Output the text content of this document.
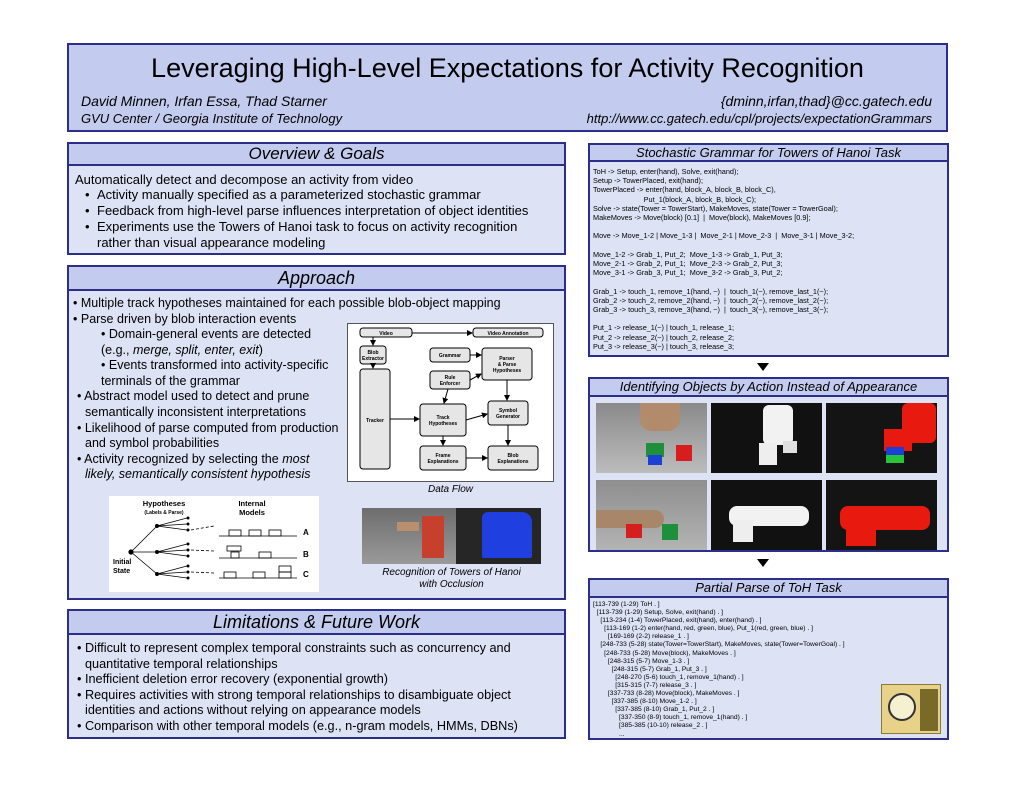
Leveraging High-Level Expectations for Activity Recognition
David Minnen, Irfan Essa, Thad Starner
GVU Center / Georgia Institute of Technology
{dminn,irfan,thad}@cc.gatech.edu
http://www.cc.gatech.edu/cpl/projects/expectationGrammars
Overview & Goals
Automatically detect and decompose an activity from video
• Activity manually specified as a parameterized stochastic grammar
• Feedback from high-level parse influences interpretation of object identities
• Experiments use the Towers of Hanoi task to focus on activity recognition rather than visual appearance modeling
Approach
• Multiple track hypotheses maintained for each possible blob-object mapping
• Parse driven by blob interaction events
• Domain-general events are detected (e.g., merge, split, enter, exit)
• Events transformed into activity-specific terminals of the grammar
• Abstract model used to detect and prune semantically inconsistent interpretations
• Likelihood of parse computed from production and symbol probabilities
• Activity recognized by selecting the most likely, semantically consistent hypothesis
Video	Video Annotation
Blob
Extractor	Grammar	Parser
& Parse
Hypotheses
Rule
Enforcer
Tracker	Track
Hypotheses
Symbol
Generator
Frame
Explanations
Blob
Explanations
Data Flow
Hypotheses
(Labels & Parse)
Internal
Models
Initial
State
A
B
C	Recognition of Towers of Hanoi
with Occlusion
Limitations & Future Work
• Difficult to represent complex temporal constraints such as concurrency and quantitative temporal relationships
• Inefficient deletion error recovery (exponential growth)
• Requires activities with strong temporal relationships to disambiguate object identities and actions without relying on appearance models
• Comparison with other temporal models (e.g., n-gram models, HMMs, DBNs)
Stochastic Grammar for Towers of Hanoi Task
ToH -> Setup, enter(hand), Solve, exit(hand);
Setup -> TowerPlaced, exit(hand);
TowerPlaced -> enter(hand, block_A, block_B, block_C),
Put_1(block_A, block_B, block_C);
Solve -> state(Tower = TowerStart), MakeMoves, state(Tower = TowerGoal);
MakeMoves -> Move(block) [0.1]  |  Move(block), MakeMoves [0.9];

Move -> Move_1-2 | Move_1-3 |  Move_2-1 | Move_2-3  |  Move_3-1 | Move_3-2;

Move_1-2 -> Grab_1, Put_2;  Move_1-3 -> Grab_1, Put_3;
Move_2-1 -> Grab_2, Put_1;  Move_2-3 -> Grab_2, Put_3;
Move_3-1 -> Grab_3, Put_1;  Move_3-2 -> Grab_3, Put_2;

Grab_1 -> touch_1, remove_1(hand, ~)  |  touch_1(~), remove_last_1(~);
Grab_2 -> touch_2, remove_2(hand, ~)  |  touch_2(~), remove_last_2(~);
Grab_3 -> touch_3, remove_3(hand, ~)  |  touch_3(~), remove_last_3(~);

Put_1 -> release_1(~) | touch_1, release_1;
Put_2 -> release_2(~) | touch_2, release_2;
Put_3 -> release_3(~) | touch_3, release_3;
Identifying Objects by Action Instead of Appearance
Partial Parse of ToH Task
[113-739 (1-29) ToH . ]
[113-739 (1-29) Setup, Solve, exit(hand) . ]
[113-234 (1-4) TowerPlaced, exit(hand), enter(hand) . ]
[113-169 (1-2) enter(hand, red, green, blue), Put_1(red, green, blue) . ]
[169-169 (2-2) release_1 . ]
[248-733 (5-28) state(Tower=TowerStart), MakeMoves, state(Tower=TowerGoal) . ]
[248-733 (5-28) Move(block), MakeMoves . ]
[248-315 (5-7) Move_1-3 . ]
[248-315 (5-7) Grab_1, Put_3 . ]
[248-270 (5-6) touch_1, remove_1(hand) . ]
[315-315 (7-7) release_3 . ]
[337-733 (8-28) Move(block), MakeMoves . ]
[337-385 (8-10) Move_1-2 . ]
[337-385 (8-10) Grab_1, Put_2 . ]
[337-350 (8-9) touch_1, remove_1(hand) . ]
[385-385 (10-10) release_2 . ]
...
